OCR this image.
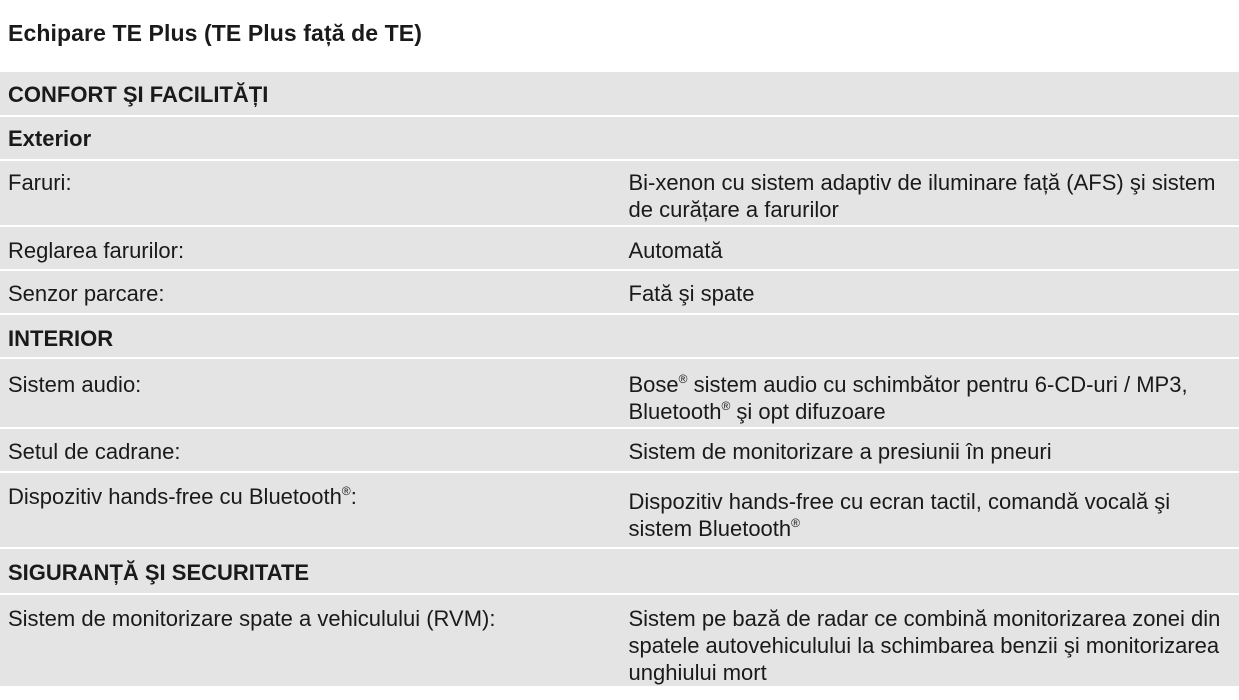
Echipare TE Plus (TE Plus față de TE)
CONFORT ŞI FACILITĂȚI	
Exterior	
Faruri:	Bi-xenon cu sistem adaptiv de iluminare față (AFS) şi sistem de curățare a farurilor
Reglarea farurilor:	Automată
Senzor parcare:	Fată şi spate
INTERIOR	
Sistem audio:	Bose® sistem audio cu schimbător pentru 6-CD-uri / MP3, Bluetooth® şi opt difuzoare
Setul de cadrane:	Sistem de monitorizare a presiunii în pneuri
Dispozitiv hands-free cu Bluetooth®:	Dispozitiv hands-free cu ecran tactil, comandă vocală şi sistem Bluetooth®
SIGURANȚĂ ŞI SECURITATE	
Sistem de monitorizare spate a vehiculului (RVM):	Sistem pe bază de radar ce combină monitorizarea zonei din spatele autovehiculului la schimbarea benzii şi monitorizarea unghiului mort
